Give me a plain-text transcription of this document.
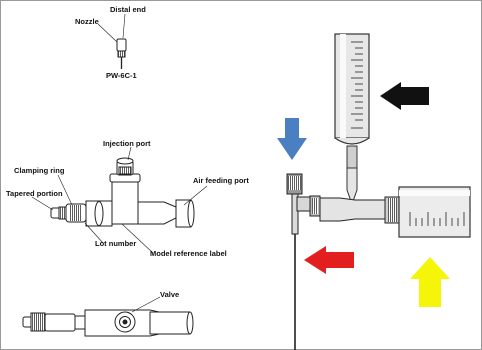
Distal end
Nozzle
PW-6C-1
Injection port
Clamping ring
Air feeding port
Tapered portion
Lot number
Model reference label
Valve
